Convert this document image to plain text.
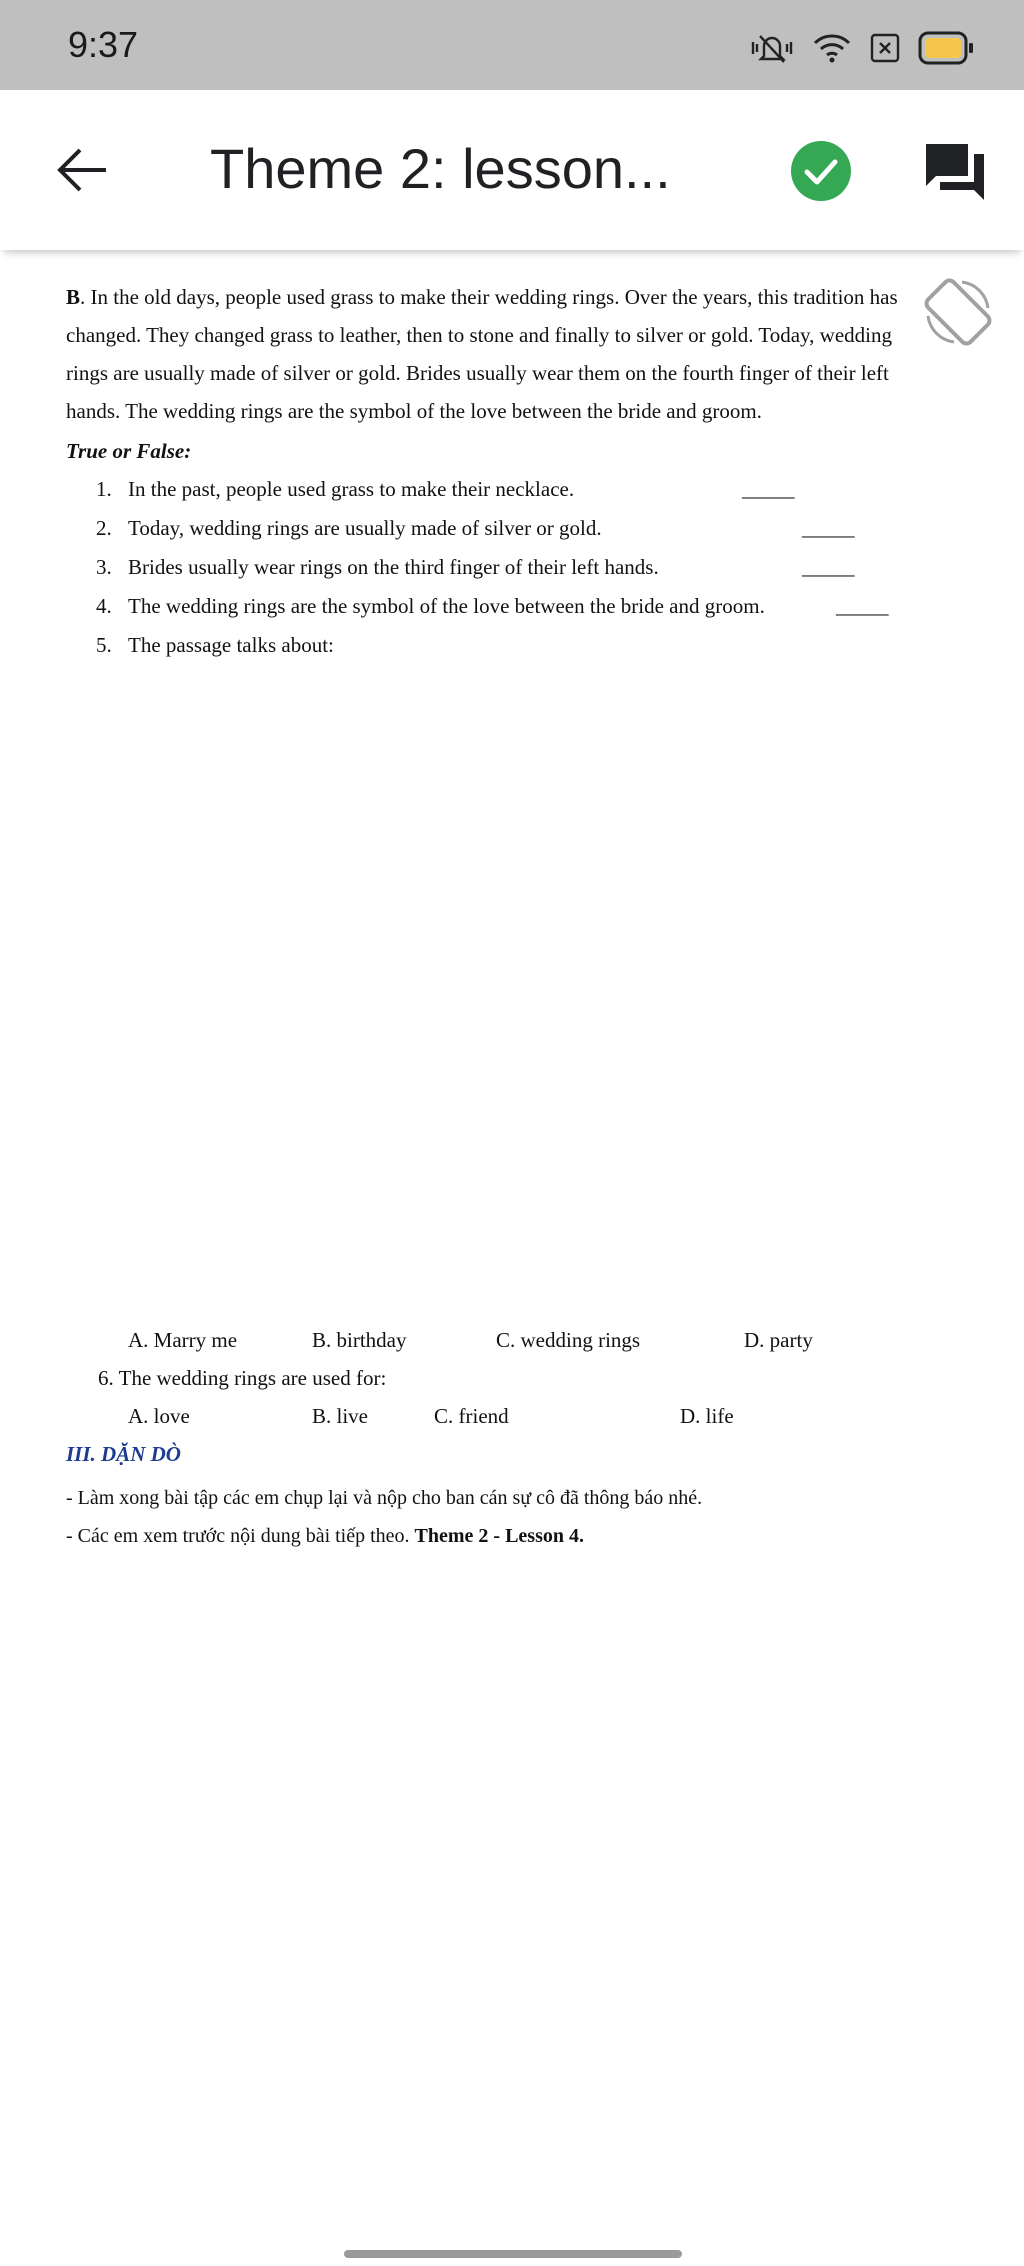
9:37
Theme 2: lesson...

B. In the old days, people used grass to make their wedding rings. Over the years, this tradition has

changed. They changed grass to leather, then to stone and finally to silver or gold. Today, wedding

rings are usually made of silver or gold. Brides usually wear them on the fourth finger of their left

hands. The wedding rings are the symbol of the love between the bride and groom.

True or False:

1. In the past, people used grass to make their necklace.	_____
2. Today, wedding rings are usually made of silver or gold.	_____
3. Brides usually wear rings on the third finger of their left hands.	_____
4. The wedding rings are the symbol of the love between the bride and groom.	_____
5. The passage talks about:
A. Marry me	B. birthday	C. wedding rings	D. party

6. The wedding rings are used for:

A. love	B. live	C. friend	D. life

III. DẶN DÒ

- Làm xong bài tập các em chụp lại và nộp cho ban cán sự cô đã thông báo nhé.

- Các em xem trước nội dung bài tiếp theo. Theme 2 - Lesson 4.
